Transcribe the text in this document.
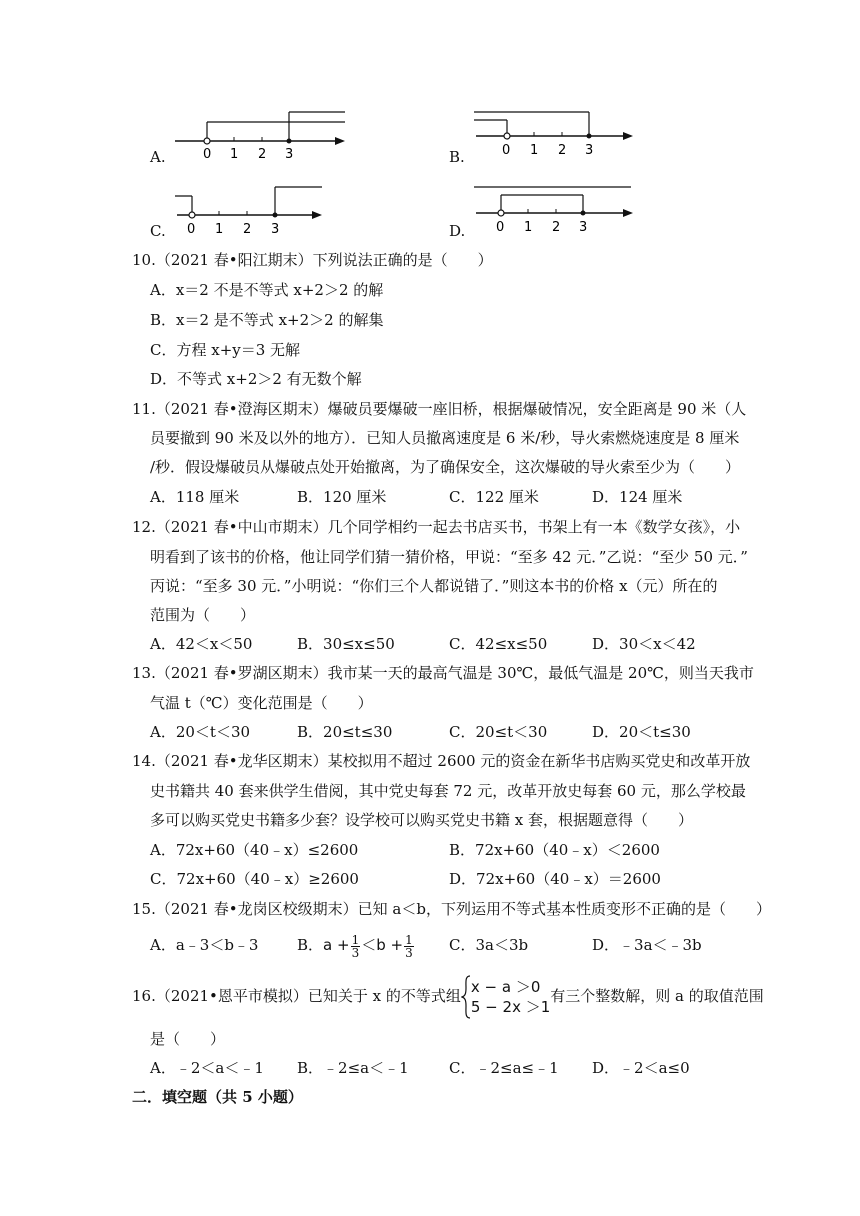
A.	0 1 2 3	B.	0 1 2 3
C. 0 1 2 3	D. 0 1 2 3
10.（2021 春•阳江期末）下列说法正确的是（　　）
A．x＝2 不是不等式 x+2＞2 的解
B．x＝2 是不等式 x+2＞2 的解集
C．方程 x+y＝3 无解
D．不等式 x+2＞2 有无数个解
11.（2021 春•澄海区期末）爆破员要爆破一座旧桥，根据爆破情况，安全距离是 90 米（人
员要撤到 90 米及以外的地方）．已知人员撤离速度是 6 米/秒，导火索燃烧速度是 8 厘米
/秒．假设爆破员从爆破点处开始撤离，为了确保安全，这次爆破的导火索至少为（　　）
A．118 厘米	B．120 厘米	C．122 厘米	D．124 厘米
12.（2021 春•中山市期末）几个同学相约一起去书店买书，书架上有一本《数学女孩》，小
明看到了该书的价格，他让同学们猜一猜价格，甲说：“至多 42 元．”乙说：“至少 50 元．”
丙说：“至多 30 元．”小明说：“你们三个人都说错了．”则这本书的价格 x（元）所在的
范围为（　　）
A．42＜x＜50	B．30≤x≤50	C．42≤x≤50	D．30＜x＜42
13.（2021 春•罗湖区期末）我市某一天的最高气温是 30℃，最低气温是 20℃，则当天我市
气温 t（℃）变化范围是（　　）
A．20＜t＜30	B．20≤t≤30	C．20≤t＜30	D．20＜t≤30
14.（2021 春•龙华区期末）某校拟用不超过 2600 元的资金在新华书店购买党史和改革开放
史书籍共 40 套来供学生借阅，其中党史每套 72 元，改革开放史每套 60 元，那么学校最
多可以购买党史书籍多少套？设学校可以购买党史书籍 x 套，根据题意得（　　）
A．72x+60（40﹣x）≤2600	B．72x+60（40﹣x）＜2600
C．72x+60（40﹣x）≥2600	D．72x+60（40﹣x）＝2600
15.（2021 春•龙岗区校级期末）已知 a＜b，下列运用不等式基本性质变形不正确的是（　　）
A．a﹣3＜b﹣3	B．$a + \frac{1}{3} <b + \frac{1}{3}$ C．3a＜3b	D．﹣3a＜﹣3b
16.（2021•恩平市模拟）已知关于 x 的不等式组 x − a ＞0
5 − 2x ＞1
有三个整数解，则 a 的取值范围
是（　　）
A．﹣2＜a＜﹣1 B．﹣2≤a＜﹣1	C．﹣2≤a≤﹣1 D．﹣2＜a≤0
二．填空题（共 5 小题）
